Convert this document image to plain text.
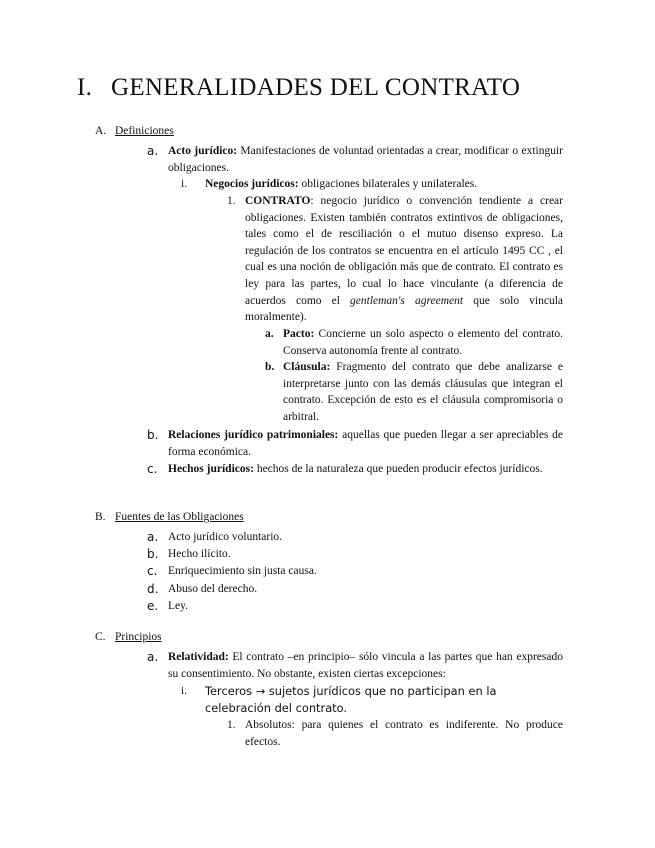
I. GENERALIDADES DEL CONTRATO
A. Definiciones
a. Acto jurídico: Manifestaciones de voluntad orientadas a crear, modificar o extinguir obligaciones.
i. Negocios jurídicos: obligaciones bilaterales y unilaterales.
1. CONTRATO: negocio jurídico o convención tendiente a crear obligaciones. Existen también contratos extintivos de obligaciones, tales como el de resciliación o el mutuo disenso expreso. La regulación de los contratos se encuentra en el artículo 1495 CC , el cual es una noción de obligación más que de contrato. El contrato es ley para las partes, lo cual lo hace vinculante (a diferencia de acuerdos como el gentleman's agreement que solo vincula moralmente).
a. Pacto: Concierne un solo aspecto o elemento del contrato. Conserva autonomía frente al contrato.
b. Cláusula: Fragmento del contrato que debe analizarse e interpretarse junto con las demás cláusulas que integran el contrato. Excepción de esto es el cláusula compromisoria o arbitral.
b. Relaciones jurídico patrimoniales: aquellas que pueden llegar a ser apreciables de forma económica.
c. Hechos jurídicos: hechos de la naturaleza que pueden producir efectos jurídicos.
B. Fuentes de las Obligaciones
a. Acto jurídico voluntario.
b. Hecho ilícito.
c. Enriquecimiento sin justa causa.
d. Abuso del derecho.
e. Ley.
C. Principios
a. Relatividad: El contrato –en principio– sólo vincula a las partes que han expresado su consentimiento. No obstante, existen ciertas excepciones:
i. Terceros → sujetos jurídicos que no participan en la celebración del contrato.
1. Absolutos: para quienes el contrato es indiferente. No produce efectos.
